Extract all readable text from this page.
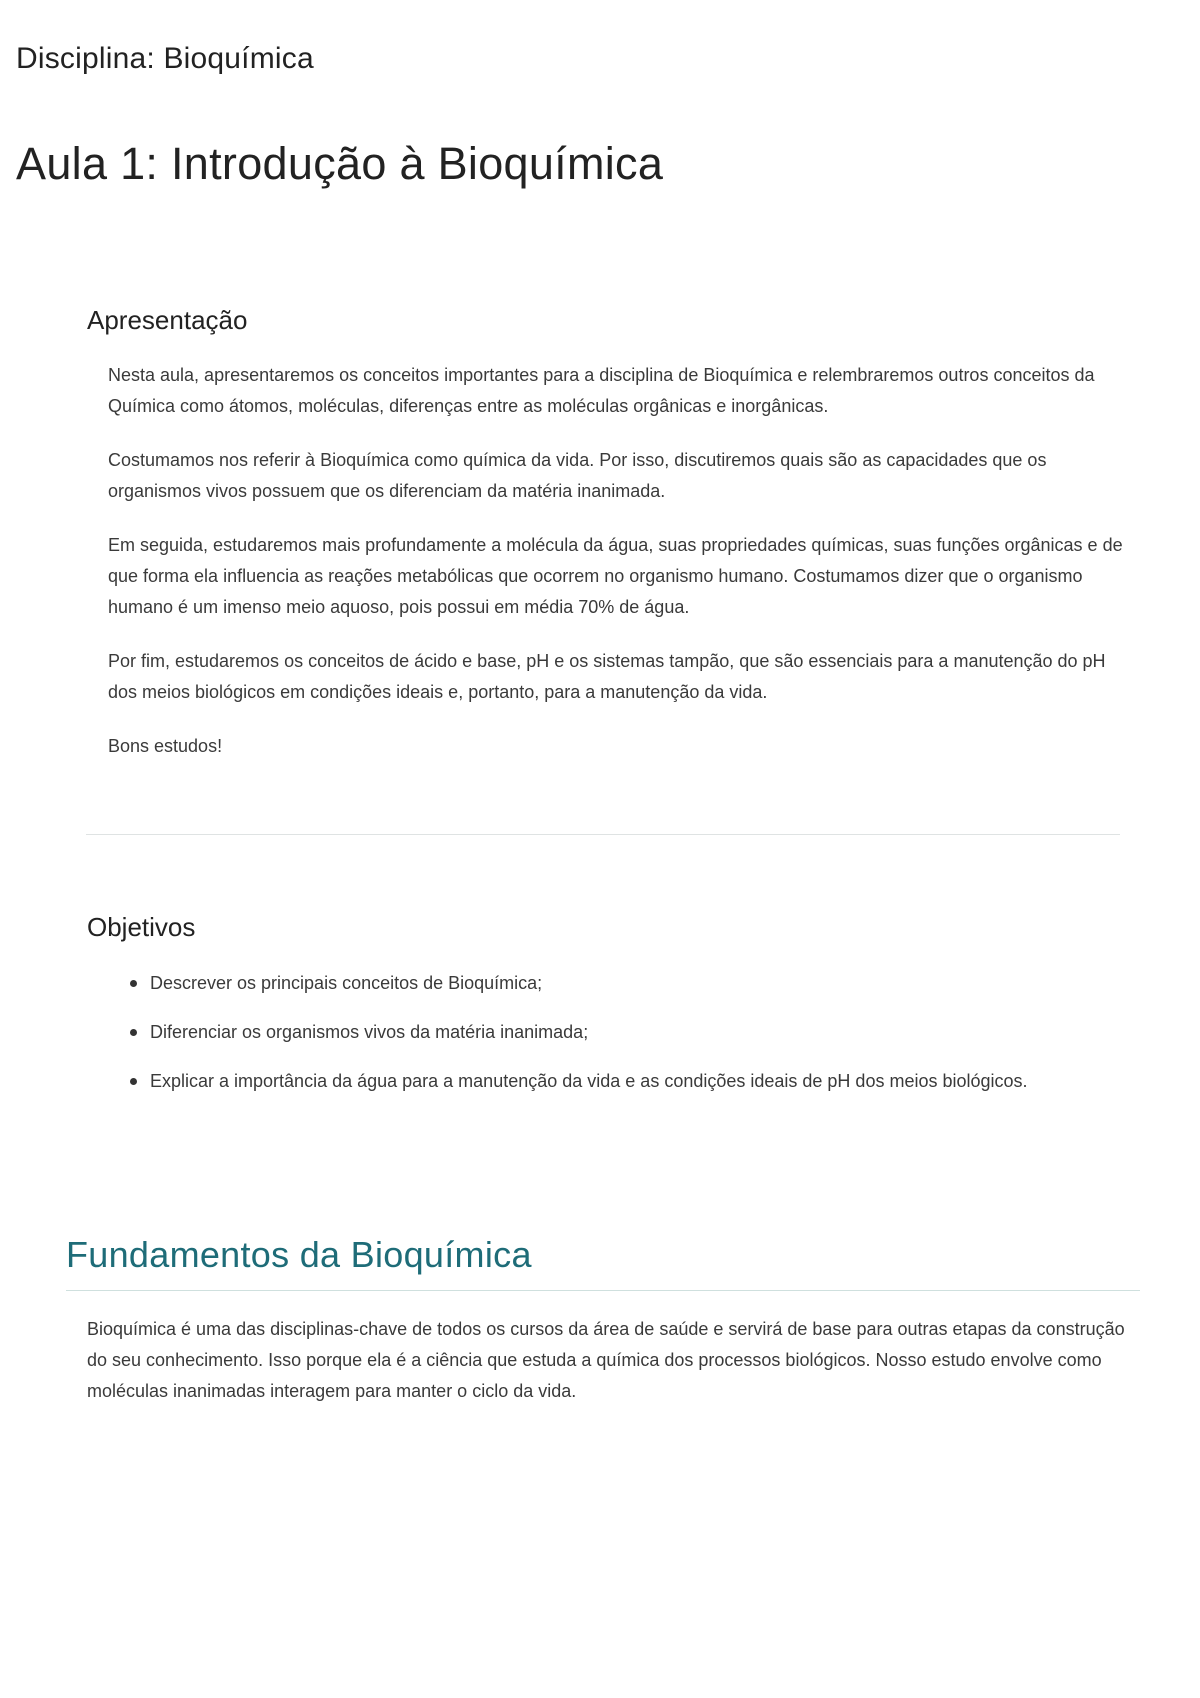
Disciplina: Bioquímica
Aula 1: Introdução à Bioquímica
Apresentação

Nesta aula, apresentaremos os conceitos importantes para a disciplina de Bioquímica e relembraremos outros conceitos da Química como átomos, moléculas, diferenças entre as moléculas orgânicas e inorgânicas.

Costumamos nos referir à Bioquímica como química da vida. Por isso, discutiremos quais são as capacidades que os organismos vivos possuem que os diferenciam da matéria inanimada.

Em seguida, estudaremos mais profundamente a molécula da água, suas propriedades químicas, suas funções orgânicas e de que forma ela influencia as reações metabólicas que ocorrem no organismo humano. Costumamos dizer que o organismo humano é um imenso meio aquoso, pois possui em média 70% de água.

Por fim, estudaremos os conceitos de ácido e base, pH e os sistemas tampão, que são essenciais para a manutenção do pH dos meios biológicos em condições ideais e, portanto, para a manutenção da vida.

Bons estudos!

Objetivos
Descrever os principais conceitos de Bioquímica;
Diferenciar os organismos vivos da matéria inanimada;
Explicar a importância da água para a manutenção da vida e as condições ideais de pH dos meios biológicos.
Fundamentos da Bioquímica

Bioquímica é uma das disciplinas-chave de todos os cursos da área de saúde e servirá de base para outras etapas da construção do seu conhecimento. Isso porque ela é a ciência que estuda a química dos processos biológicos. Nosso estudo envolve como moléculas inanimadas interagem para manter o ciclo da vida.
